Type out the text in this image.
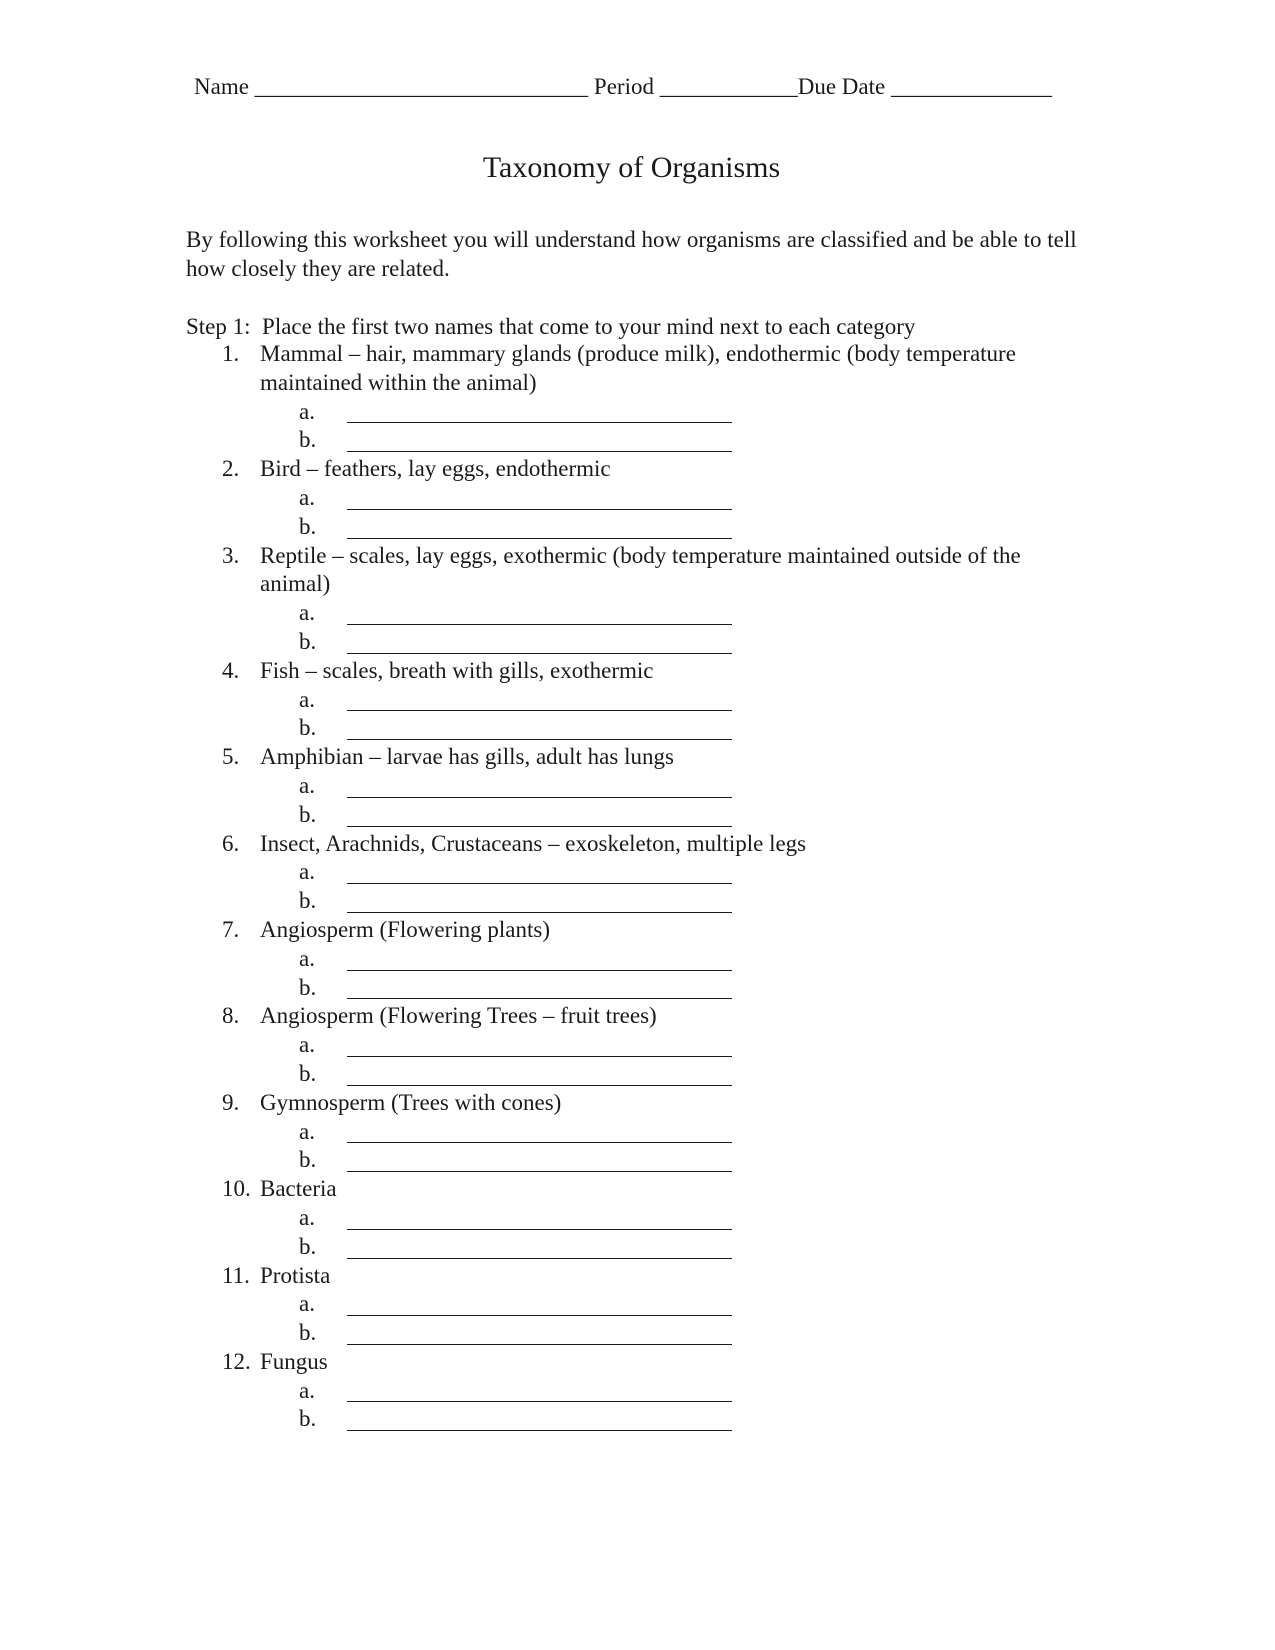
Name _____________________________ Period ____________Due Date ______________
Taxonomy of Organisms
By following this worksheet you will understand how organisms are classified and be able to tell how closely they are related.
Step 1:  Place the first two names that come to your mind next to each category
1. Mammal – hair, mammary glands (produce milk), endothermic (body temperature maintained within the animal)
a.
b.
2. Bird – feathers, lay eggs, endothermic
a.
b.
3. Reptile – scales, lay eggs, exothermic (body temperature maintained outside of the animal)
a.
b.
4. Fish – scales, breath with gills, exothermic
a.
b.
5. Amphibian – larvae has gills, adult has lungs
a.
b.
6. Insect, Arachnids, Crustaceans – exoskeleton, multiple legs
a.
b.
7. Angiosperm (Flowering plants)
a.
b.
8. Angiosperm (Flowering Trees – fruit trees)
a.
b.
9. Gymnosperm (Trees with cones)
a.
b.
10. Bacteria
a.
b.
11. Protista
a.
b.
12. Fungus
a.
b.
